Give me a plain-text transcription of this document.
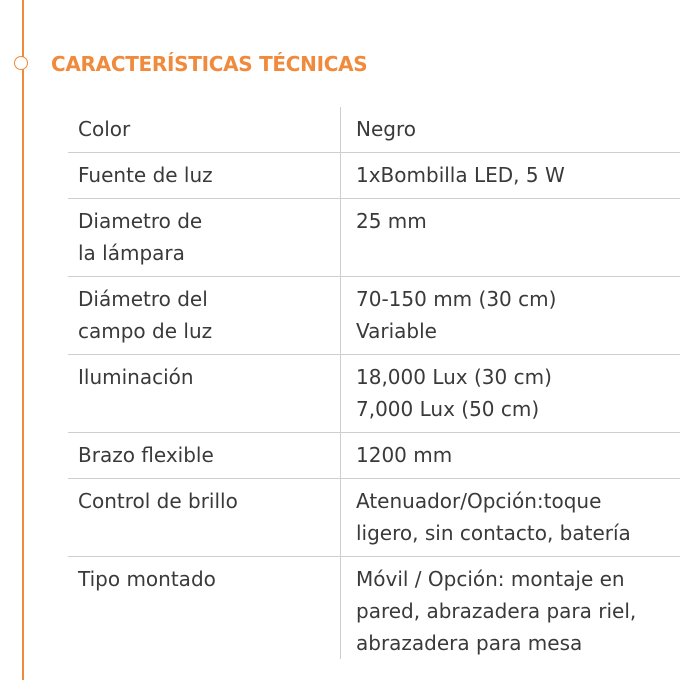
CARACTERÍSTICAS TÉCNICAS
Color	Negro

Fuente de luz	1xBombilla LED, 5 W

Diametro de
la lámpara	25 mm

Diámetro del
campo de luz	70-150 mm (30 cm)
Variable

Iluminación	18,000 Lux (30 cm)
7,000 Lux (50 cm)

Brazo flexible	1200 mm

Control de brillo	Atenuador/Opción:toque
ligero, sin contacto, batería

Tipo montado	Móvil / Opción: montaje en
pared, abrazadera para riel,
abrazadera para mesa
